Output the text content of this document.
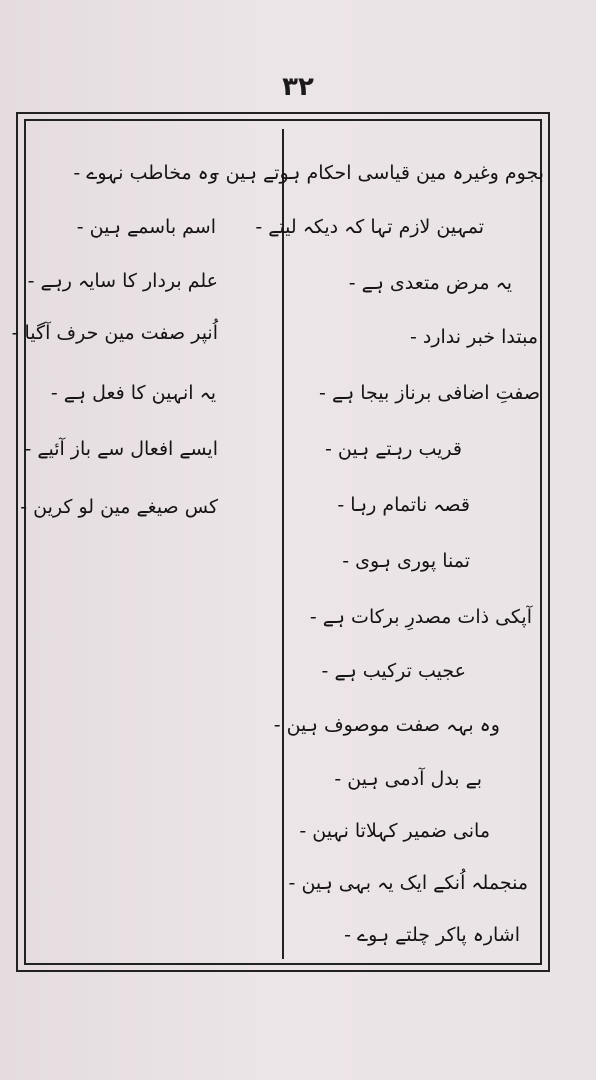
۳۲
بجوم وغیرہ مین قیاسی احکام ہوتے ہین -
تمہین لازم تہا کہ دیکہ لیتے -
یہ مرض متعدی ہے -
مبتدا خبر ندارد -
صفتِ اضافی برناز بیجا ہے -
قریب رہتے ہین -
قصہ ناتمام رہا -
تمنا پوری ہوی -
آپکی ذات مصدرِ برکات ہے -
عجیب ترکیب ہے -
وہ بہہ صفت موصوف ہین -
بے بدل آدمی ہین -
مانی ضمیر کہلاتا نہین -
منجملہ اُنکے ایک یہ بہی ہین -
اشارہ پاکر چلتے ہوے -
وہ مخاطب نہوے -
اسم باسمے ہین -
علم بردار کا سایہ رہے -
اُنپر صفت مین حرف آگیا -
یہ انہین کا فعل ہے -
ایسے افعال سے باز آئیے -
کس صیغے مین لو کرین -
